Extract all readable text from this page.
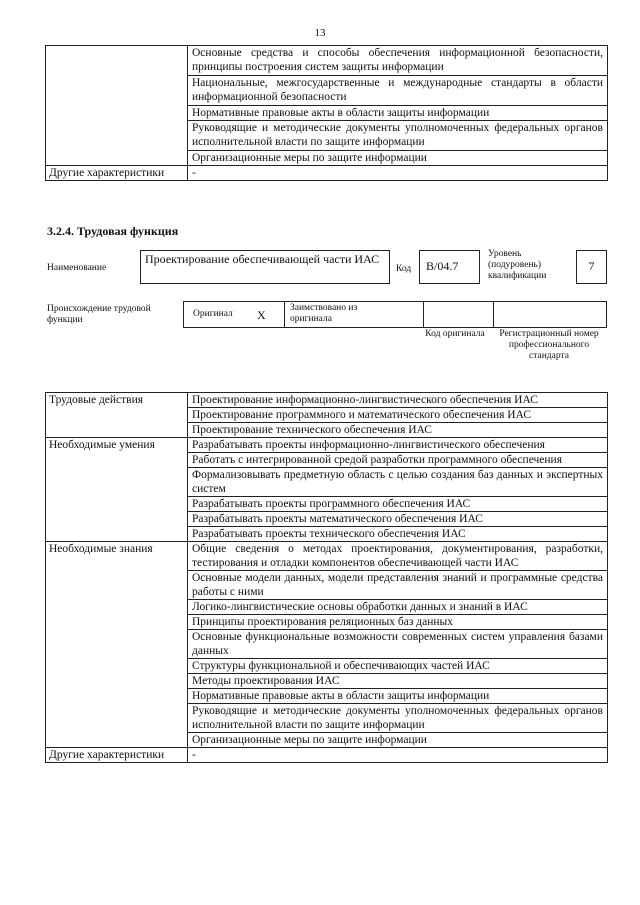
13
	Основные средства и способы обеспечения информационной безопасности, принципы построения систем защиты информации
	Национальные, межгосударственные и международные стандарты в области информационной безопасности
	Нормативные правовые акты в области защиты информации
	Руководящие и методические документы уполномоченных федеральных органов исполнительной власти по защите информации
	Организационные меры по защите информации
Другие характеристики	-
3.2.4. Трудовая функция
Наименование
Проектирование обеспечивающей части ИАС
Код	B/04.7
Уровень (подуровень) квалификации
7
Происхождение трудовой функции
Оригинал X	Заимствовано из оригинала
Код оригинала	Регистрационный номер профессионального стандарта
Трудовые действия	Проектирование информационно-лингвистического обеспечения ИАС
	Проектирование программного и математического обеспечения ИАС
	Проектирование технического обеспечения ИАС
Необходимые умения	Разрабатывать проекты информационно-лингвистического обеспечения
	Работать с интегрированной средой разработки программного обеспечения
	Формализовывать предметную область с целью создания баз данных и экспертных систем
	Разрабатывать проекты программного обеспечения ИАС
	Разрабатывать проекты математического обеспечения ИАС
	Разрабатывать проекты технического обеспечения ИАС
Необходимые знания	Общие сведения о методах проектирования, документирования, разработки, тестирования и отладки компонентов обеспечивающей части ИАС
	Основные модели данных, модели представления знаний и программные средства работы с ними
	Логико-лингвистические основы обработки данных и знаний в ИАС
	Принципы проектирования реляционных баз данных
	Основные функциональные возможности современных систем управления базами данных
	Структуры функциональной и обеспечивающих частей ИАС
	Методы проектирования ИАС
	Нормативные правовые акты в области защиты информации
	Руководящие и методические документы уполномоченных федеральных органов исполнительной власти по защите информации
	Организационные меры по защите информации
Другие характеристики	-
